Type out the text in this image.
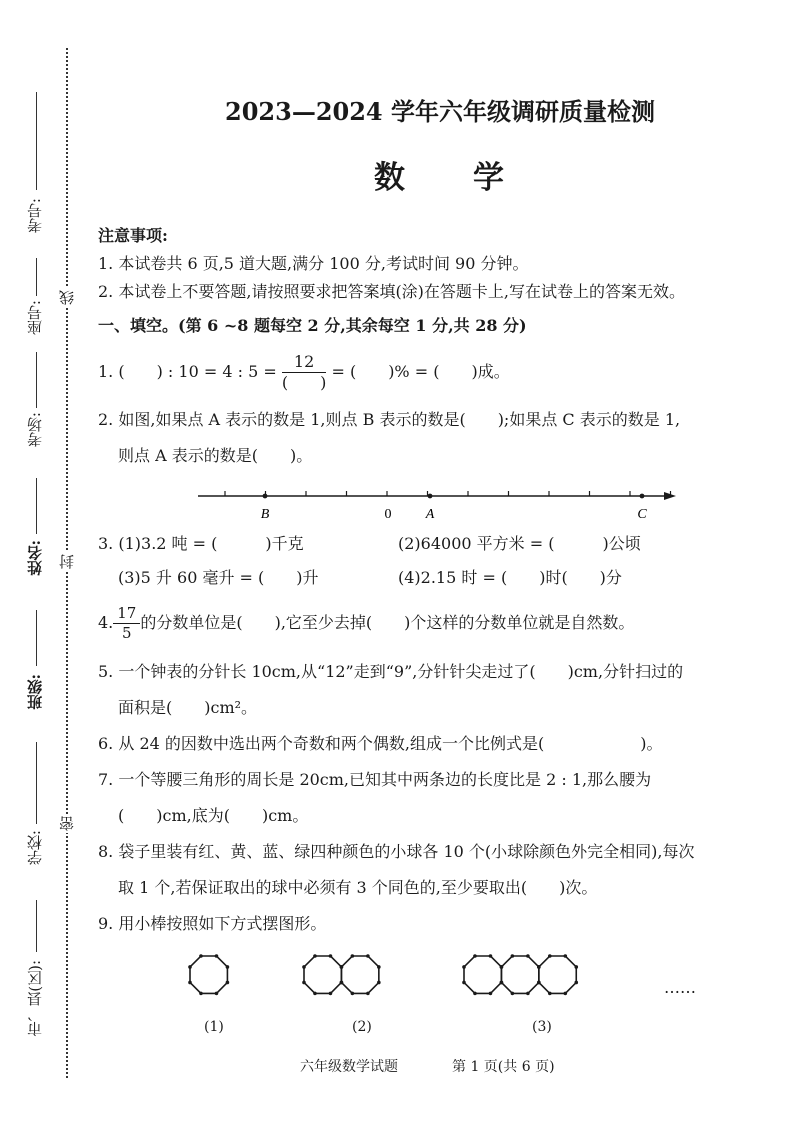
考号:
座号:
考场:
姓名:
班级:
学校:
市、县(区):
线
封
密
2023—2024 学年六年级调研质量检测
数　　学
注意事项:
1. 本试卷共 6 页,5 道大题,满分 100 分,考试时间 90 分钟。
2. 本试卷上不要答题,请按照要求把答案填(涂)在答题卡上,写在试卷上的答案无效。
一、填空。(第 6 ~8 题每空 2 分,其余每空 1 分,共 28 分)
1. (　　) : 10 = 4 : $5 = \frac{12}{( )}$ = (　　)% = (　　)成。
2. 如图,如果点 A 表示的数是 1,则点 B 表示的数是(　　);如果点 C 表示的数是 1,
则点 A 表示的数是(　　)。
B	0 A	C
3. (1)3.2 吨 = (　　　)千克	(2)64000 平方米 = (　　　)公顷
(3)5 升 60 毫升 = (　　)升	(4)2.15 时 = (　　)时(　　)分
4. $\frac{17}{5}$ 的分数单位是(　　),它至少去掉(　　)个这样的分数单位就是自然数。
5. 一个钟表的分针长 10cm,从“12”走到“9”,分针针尖走过了(　　)cm,分针扫过的
面积是(　　)cm²。
6. 从 24 的因数中选出两个奇数和两个偶数,组成一个比例式是(　　　　　　)。
7. 一个等腰三角形的周长是 20cm,已知其中两条边的长度比是 2 : 1,那么腰为
(　　)cm,底为(　　)cm。
8. 袋子里装有红、黄、蓝、绿四种颜色的小球各 10 个(小球除颜色外完全相同),每次
取 1 个,若保证取出的球中必须有 3 个同色的,至少要取出(　　)次。
9. 用小棒按照如下方式摆图形。
(1)	(2)	(3)
……
六年级数学试题	第 1 页(共 6 页)
